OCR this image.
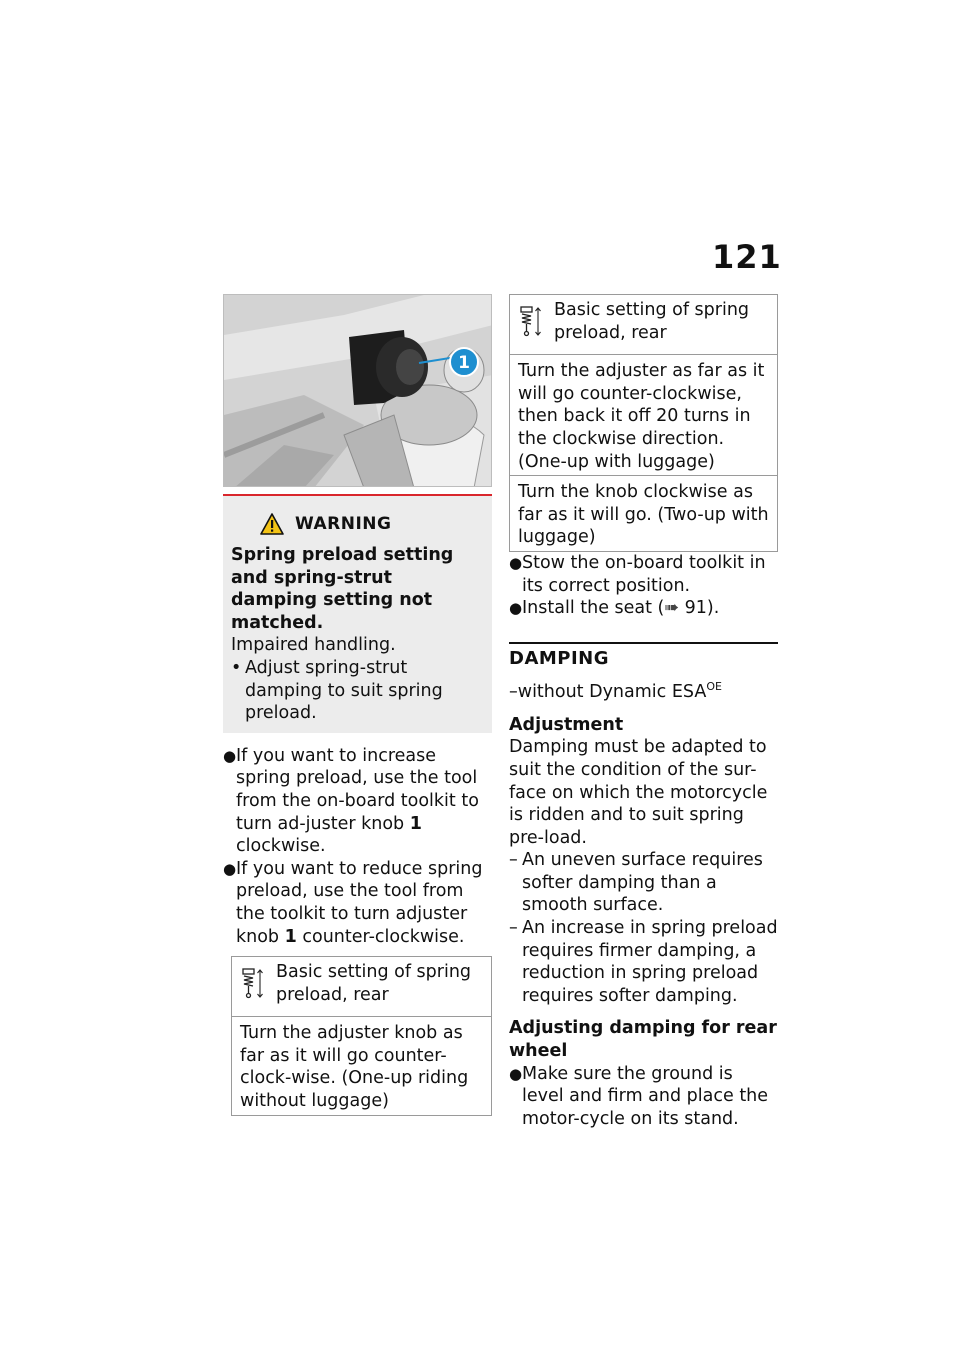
121
1
WARNING
Spring preload setting and spring-strut damping setting not matched.
Impaired handling.
• Adjust spring-strut damping to suit spring preload.
● If you want to increase spring preload, use the tool from the on-board toolkit to turn ad-juster knob 1 clockwise.
● If you want to reduce spring preload, use the tool from the toolkit to turn adjuster knob 1 counter-clockwise.
Basic setting of spring preload, rear
Turn the adjuster knob as far as it will go counter-clock-wise. (One-up riding without luggage)
Basic setting of spring preload, rear
Turn the adjuster as far as it will go counter-clockwise, then back it off 20 turns in the clockwise direction. (One-up with luggage)
Turn the knob clockwise as far as it will go. (Two-up with luggage)
● Stow the on-board toolkit in its correct position.
● Install the seat (➠ 91).
DAMPING
–without Dynamic $ESA^{OE}$
Adjustment
Damping must be adapted to suit the condition of the sur-face on which the motorcycle is ridden and to suit spring pre-load.
– An uneven surface requires softer damping than a smooth surface.
– An increase in spring preload requires firmer damping, a reduction in spring preload requires softer damping.
Adjusting damping for rear wheel
● Make sure the ground is level and firm and place the motor-cycle on its stand.
